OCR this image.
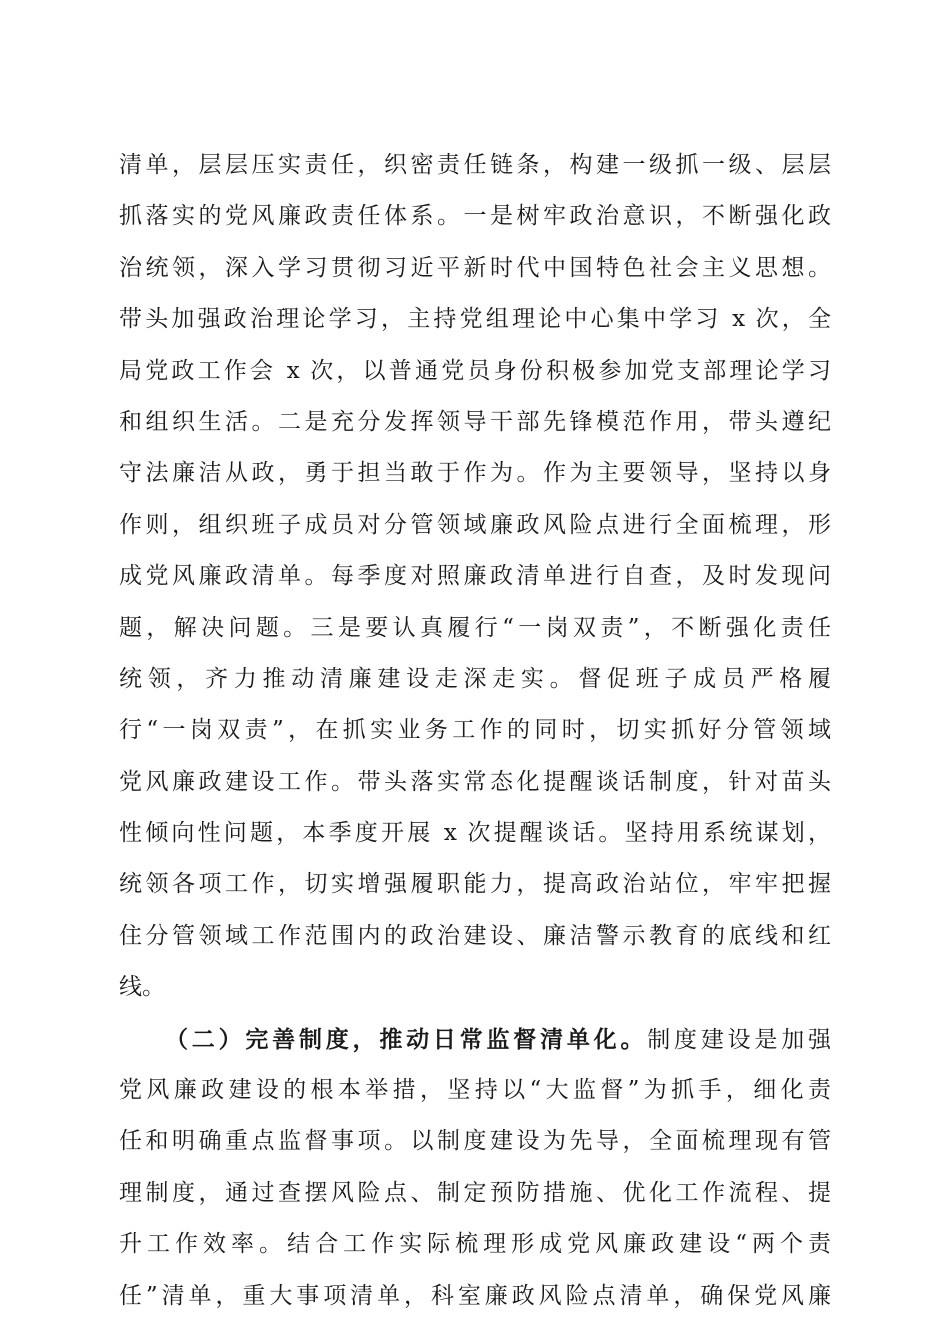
清单，层层压实责任，织密责任链条，构建一级抓一级、层层
抓落实的党风廉政责任体系。一是树牢政治意识，不断强化政
治统领，深入学习贯彻习近平新时代中国特色社会主义思想。
带头加强政治理论学习，主持党组理论中心集中学习 x 次，全
局党政工作会 x 次，以普通党员身份积极参加党支部理论学习
和组织生活。二是充分发挥领导干部先锋模范作用，带头遵纪
守法廉洁从政，勇于担当敢于作为。作为主要领导，坚持以身
作则，组织班子成员对分管领域廉政风险点进行全面梳理，形
成党风廉政清单。每季度对照廉政清单进行自查，及时发现问
题，解决问题。三是要认真履行“一岗双责”，不断强化责任
统领，齐力推动清廉建设走深走实。督促班子成员严格履
行“一岗双责”，在抓实业务工作的同时，切实抓好分管领域
党风廉政建设工作。带头落实常态化提醒谈话制度，针对苗头
性倾向性问题，本季度开展 x 次提醒谈话。坚持用系统谋划，
统领各项工作，切实增强履职能力，提高政治站位，牢牢把握
住分管领域工作范围内的政治建设、廉洁警示教育的底线和红
线。
（二）完善制度，推动日常监督清单化。制度建设是加强
党风廉政建设的根本举措，坚持以“大监督”为抓手，细化责
任和明确重点监督事项。以制度建设为先导，全面梳理现有管
理制度，通过查摆风险点、制定预防措施、优化工作流程、提
升工作效率。结合工作实际梳理形成党风廉政建设“两个责
任”清单，重大事项清单，科室廉政风险点清单，确保党风廉
